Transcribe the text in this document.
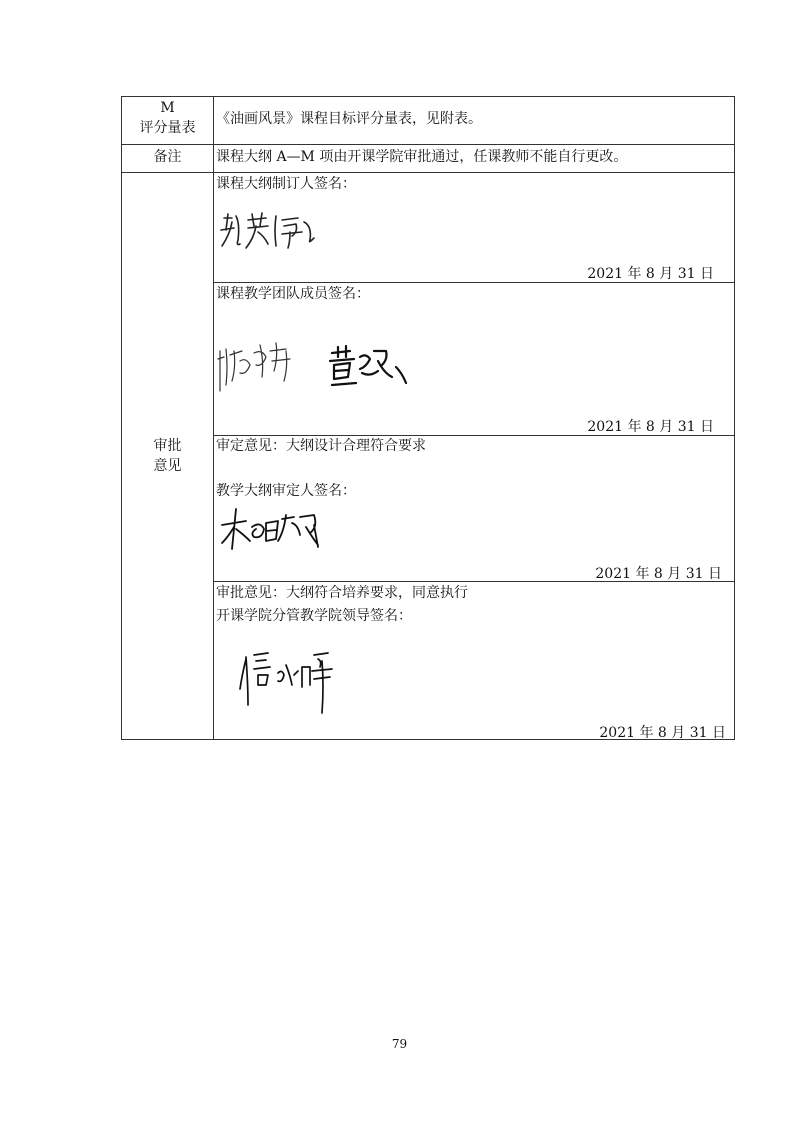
M
评分量表
《油画风景》课程目标评分量表，见附表。
备注	课程大纲 A—M 项由开课学院审批通过，任课教师不能自行更改。
审批
意见
课程大纲制订人签名：
2021 年 8 月 31 日
课程教学团队成员签名：
2021 年 8 月 31 日
审定意见：大纲设计合理符合要求
教学大纲审定人签名：
2021 年 8 月 31 日
审批意见：大纲符合培养要求，同意执行
开课学院分管教学院领导签名：
2021 年 8 月 31 日
79
